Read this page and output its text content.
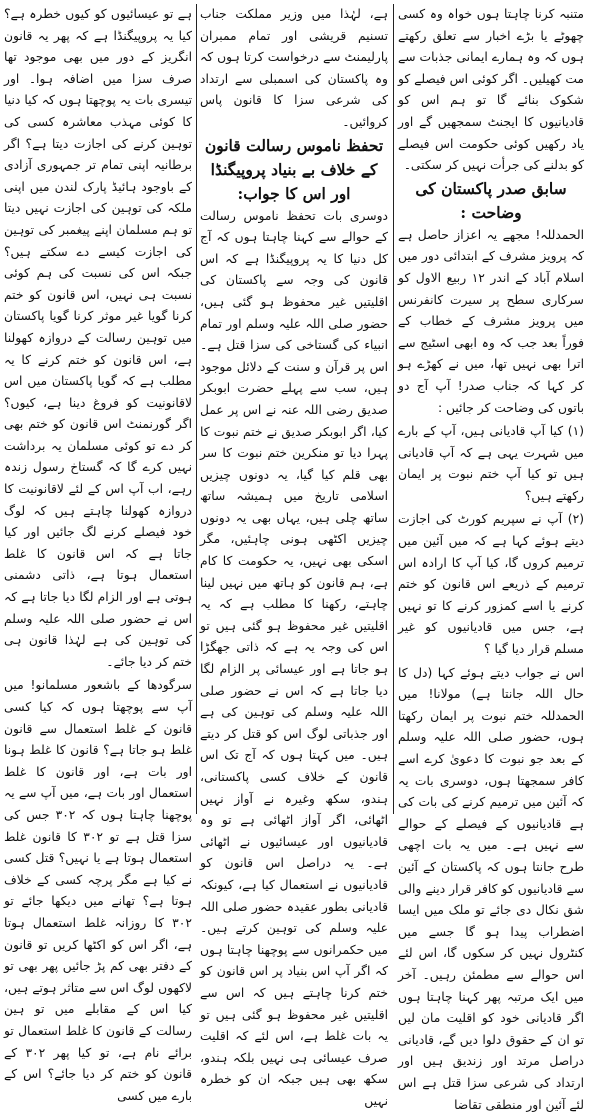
متنبہ کرنا چاہتا ہوں خواہ وہ کسی چھوٹے یا بڑے اخبار سے تعلق رکھتے ہوں کہ وہ ہمارے ایمانی جذبات سے مت کھیلیں۔ اگر کوئی اس فیصلے کو شکوک بنائے گا تو ہم اس کو قادیانیوں کا ایجنٹ سمجھیں گے اور یاد رکھیں کوئی حکومت اس فیصلے کو بدلنے کی جرأت نہیں کر سکتی۔

سابق صدر پاکستان کی وضاحت :

الحمدللہ! مجھے یہ اعزاز حاصل ہے کہ پرویز مشرف کے ابتدائی دور میں اسلام آباد کے اندر ۱۲ ربیع الاول کو سرکاری سطح پر سیرت کانفرنس میں پرویز مشرف کے خطاب کے فوراً بعد جب کہ وہ ابھی اسٹیج سے اترا بھی نہیں تھا، میں نے کھڑے ہو کر کہا کہ جناب صدر! آپ آج دو باتوں کی وضاحت کر جائیں :

(۱) کیا آپ قادیانی ہیں، آپ کے بارے میں شہرت یہی ہے کہ آپ قادیانی ہیں تو کیا آپ ختم نبوت پر ایمان رکھتے ہیں؟

(۲) آپ نے سپریم کورٹ کی اجازت دیتے ہوئے کہا ہے کہ میں آئین میں ترمیم کروں گا، کیا آپ کا ارادہ اس ترمیم کے ذریعے اس قانون کو ختم کرنے یا اسے کمزور کرنے کا تو نہیں ہے، جس میں قادیانیوں کو غیر مسلم قرار دیا گیا ؟

اس نے جواب دیتے ہوئے کہا (دل کا حال اللہ جانتا ہے) مولانا! میں الحمدللہ ختم نبوت پر ایمان رکھتا ہوں، حضور صلی اللہ علیہ وسلم کے بعد جو نبوت کا دعویٰ کرے اسے کافر سمجھتا ہوں، دوسری بات یہ کہ آئین میں ترمیم کرنے کی بات کی ہے قادیانیوں کے فیصلے کے حوالے سے نہیں ہے۔ میں یہ بات اچھی طرح جانتا ہوں کہ پاکستان کے آئین سے قادیانیوں کو کافر قرار دینے والی شق نکال دی جائے تو ملک میں ایسا اضطراب پیدا ہو گا جسے میں کنٹرول نہیں کر سکوں گا، اس لئے اس حوالے سے مطمئن رہیں۔ آخر میں ایک مرتبہ پھر کہنا چاہتا ہوں اگر قادیانی خود کو اقلیت مان لیں تو ان کے حقوق دلوا دیں گے، قادیانی دراصل مرتد اور زندیق ہیں اور ارتداد کی شرعی سزا قتل ہے اس لئے آئین اور منطقی تقاضا

ہے، لہٰذا میں وزیر مملکت جناب تسنیم قریشی اور تمام ممبران پارلیمنٹ سے درخواست کرتا ہوں کہ وہ پاکستان کی اسمبلی سے ارتداد کی شرعی سزا کا قانون پاس کروائیں۔

تحفظ ناموس رسالت قانون کے خلاف بے بنیاد پروپیگنڈا اور اس کا جواب:

دوسری بات تحفظ ناموس رسالت کے حوالے سے کہنا چاہتا ہوں کہ آج کل دنیا کا یہ پروپیگنڈا ہے کہ اس قانون کی وجہ سے پاکستان کی اقلیتیں غیر محفوظ ہو گئی ہیں، حضور صلی اللہ علیہ وسلم اور تمام انبیاء کی گستاخی کی سزا قتل ہے۔ اس پر قرآن و سنت کے دلائل موجود ہیں، سب سے پہلے حضرت ابوبکر صدیق رضی اللہ عنہ نے اس پر عمل کیا، اگر ابوبکر صدیق نے ختم نبوت کا پہرا دیا تو منکرین ختم نبوت کا سر بھی قلم کیا گیا، یہ دونوں چیزیں اسلامی تاریخ میں ہمیشہ ساتھ ساتھ چلی ہیں، یہاں بھی یہ دونوں چیزیں اکٹھی ہونی چاہئیں، مگر اسکی بھی نہیں، یہ حکومت کا کام ہے، ہم قانون کو ہاتھ میں نہیں لینا چاہتے، رکھنا کا مطلب ہے کہ یہ اقلیتیں غیر محفوظ ہو گئی ہیں تو اس کی وجہ یہ ہے کہ ذاتی جھگڑا ہو جاتا ہے اور عیسائی پر الزام لگا دیا جاتا ہے کہ اس نے حضور صلی اللہ علیہ وسلم کی توہین کی ہے اور جذباتی لوگ اس کو قتل کر دیتے ہیں۔ میں کہتا ہوں کہ آج تک اس قانون کے خلاف کسی پاکستانی، ہندو، سکھ وغیرہ نے آواز نہیں اٹھائی، اگر آواز اٹھائی ہے تو وہ قادیانیوں اور عیسائیوں نے اٹھائی ہے۔ یہ دراصل اس قانون کو قادیانیوں نے استعمال کیا ہے، کیونکہ قادیانی بطور عقیدہ حضور صلی اللہ علیہ وسلم کی توہین کرتے ہیں۔ میں حکمرانوں سے پوچھنا چاہتا ہوں کہ اگر آپ اس بنیاد پر اس قانون کو ختم کرنا چاہتے ہیں کہ اس سے اقلیتیں غیر محفوظ ہو گئی ہیں تو یہ بات غلط ہے، اس لئے کہ اقلیت صرف عیسائی ہی نہیں بلکہ ہندو، سکھ بھی ہیں جبکہ ان کو خطرہ نہیں

ہے تو عیسائیوں کو کیوں خطرہ ہے؟ کیا یہ پروپیگنڈا ہے کہ پھر یہ قانون انگریز کے دور میں بھی موجود تھا صرف سزا میں اضافہ ہوا۔ اور تیسری بات یہ پوچھتا ہوں کہ کیا دنیا کا کوئی مہذب معاشرہ کسی کی توہین کرنے کی اجازت دیتا ہے؟ اگر برطانیہ اپنی تمام تر جمہوری آزادی کے باوجود ہائیڈ پارک لندن میں اپنی ملکہ کی توہین کی اجازت نہیں دیتا تو ہم مسلمان اپنے پیغمبر کی توہین کی اجازت کیسے دے سکتے ہیں؟ جبکہ اس کی نسبت کی ہم کوئی نسبت ہی نہیں، اس قانون کو ختم کرنا گویا غیر موثر کرنا گویا پاکستان میں توہین رسالت کے دروازہ کھولنا ہے، اس قانون کو ختم کرنے کا یہ مطلب ہے کہ گویا پاکستان میں اس لاقانونیت کو فروغ دینا ہے، کیوں؟ اگر گورنمنٹ اس قانون کو ختم بھی کر دے تو کوئی مسلمان یہ برداشت نہیں کرے گا کہ گستاخ رسول زندہ رہے، اب آپ اس کے لئے لاقانونیت کا دروازہ کھولنا چاہتے ہیں کہ لوگ خود فیصلے کرنے لگ جائیں اور کیا جاتا ہے کہ اس قانون کا غلط استعمال ہوتا ہے، ذاتی دشمنی ہوتی ہے اور الزام لگا دیا جاتا ہے کہ اس نے حضور صلی اللہ علیہ وسلم کی توہین کی ہے لہٰذا قانون ہی ختم کر دیا جائے۔

سرگودھا کے باشعور مسلمانو! میں آپ سے پوچھتا ہوں کہ کیا کسی قانون کے غلط استعمال سے قانون غلط ہو جاتا ہے؟ قانون کا غلط ہونا اور بات ہے، اور قانون کا غلط استعمال اور بات ہے، میں آپ سے یہ پوچھنا چاہتا ہوں کہ ۳۰۲ جس کی سزا قتل ہے تو ۳۰۲ کا قانون غلط استعمال ہوتا ہے یا نہیں؟ قتل کسی نے کیا ہے مگر پرچہ کسی کے خلاف ہوتا ہے؟ تھانے میں دیکھا جائے تو ۳۰۲ کا روزانہ غلط استعمال ہوتا ہے، اگر اس کو اکٹھا کریں تو قانون کے دفتر بھی کم پڑ جائیں پھر بھی تو لاکھوں لوگ اس سے متاثر ہوتے ہیں، کیا اس کے مقابلے میں تو ہین رسالت کے قانون کا غلط استعمال تو برائے نام ہے، تو کیا پھر ۳۰۲ کے قانون کو ختم کر دیا جائے؟ اس کے بارے میں کسی
